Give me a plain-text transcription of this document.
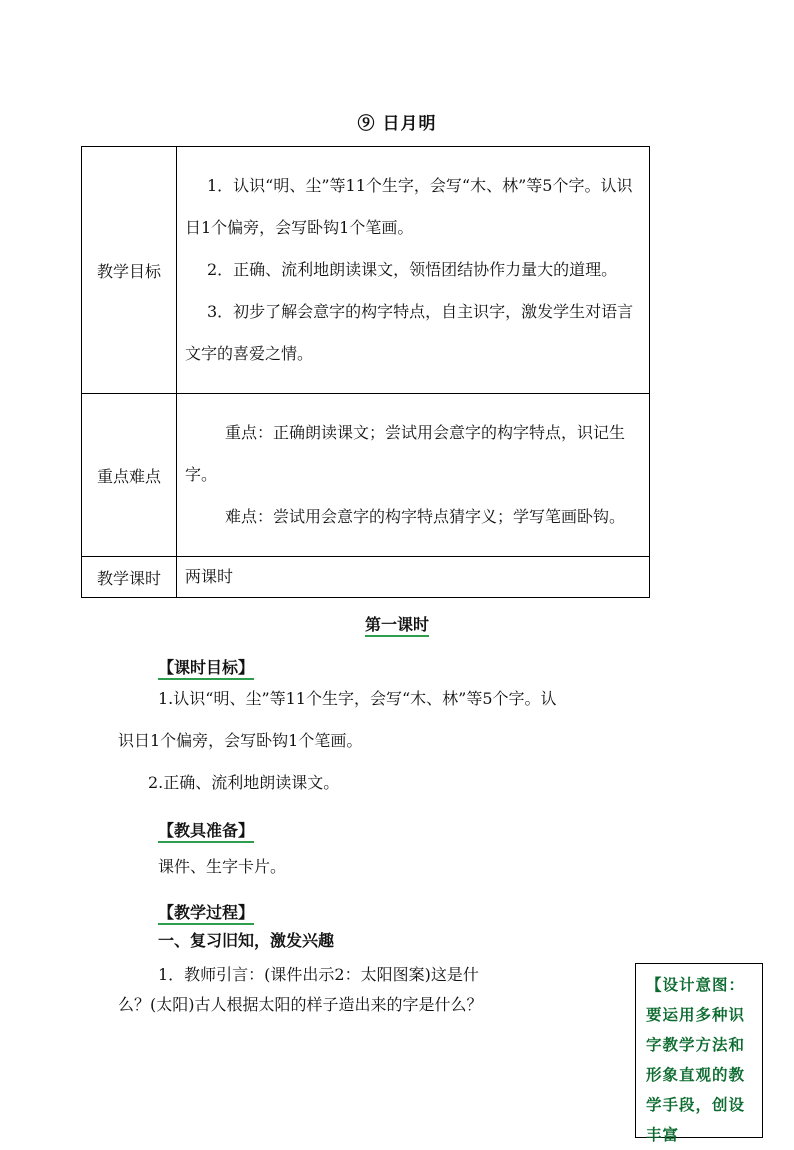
⑨ 日月明
教学目标	1．认识“明、尘”等11个生字，会写“木、林”等5个字。认识日1个偏旁，会写卧钩1个笔画。

2．正确、流利地朗读课文，领悟团结协作力量大的道理。

3．初步了解会意字的构字特点，自主识字，激发学生对语言文字的喜爱之情。

重点难点	重点：正确朗读课文；尝试用会意字的构字特点，识记生字。

难点：尝试用会意字的构字特点猜字义；学写笔画卧钩。

教学课时	两课时

第一课时
【课时目标】
1.认识“明、尘”等11个生字，会写“木、林”等5个字。认
识日1个偏旁，会写卧钩1个笔画。
2.正确、流利地朗读课文。
【教具准备】
课件、生字卡片。
【教学过程】
一、复习旧知，激发兴趣
1．教师引言：(课件出示2：太阳图案)这是什
么？(太阳)古人根据太阳的样子造出来的字是什么？
【设计意图：要运用多种识字教学方法和形象直观的教学手段，创设丰富
